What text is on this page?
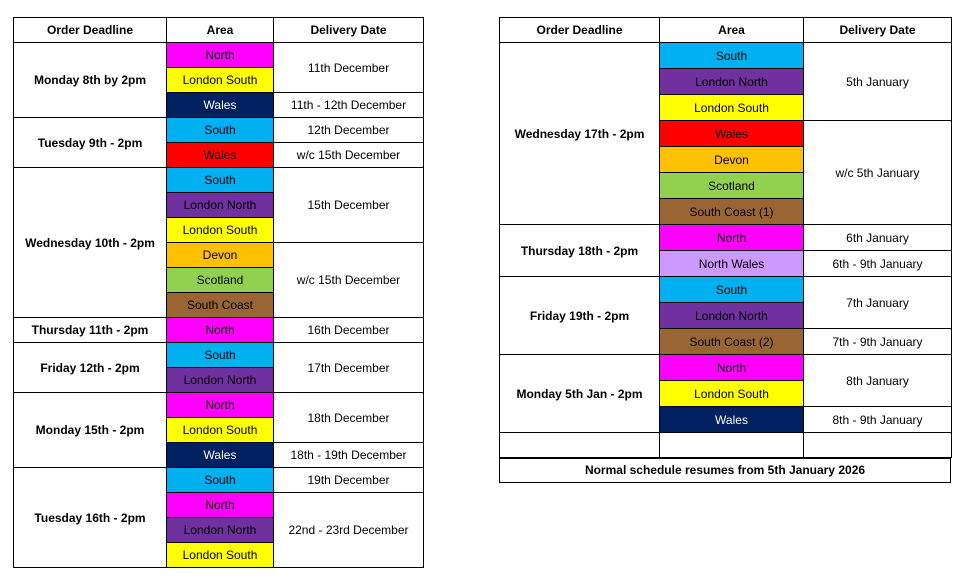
Order Deadline	Area	Delivery Date
Monday 8th by 2pm	North	11th December
	London South	
	Wales	11th - 12th December
Tuesday 9th - 2pm	South	12th December
	Wales	w/c 15th December
Wednesday 10th - 2pm	South	15th December
	London North	
	London South	
	Devon	w/c 15th December
	Scotland	
	South Coast	
Thursday 11th - 2pm	North	16th December
Friday 12th - 2pm	South	17th December
	London North	
Monday 15th - 2pm	North	18th December
	London South	
	Wales	18th - 19th December
Tuesday 16th - 2pm	South	19th December
	North	22nd - 23rd December
	London North	
	London South	
Order Deadline	Area	Delivery Date
Wednesday 17th - 2pm	South	5th January
	London North	
	London South	
	Wales	w/c 5th January
	Devon	
	Scotland	
	South Coast (1)	
Thursday 18th - 2pm	North	6th January
	North Wales	6th - 9th January
Friday 19th - 2pm	South	7th January
	London North	
	South Coast (2)	7th - 9th January
Monday 5th Jan - 2pm	North	8th January
	London South	
	Wales	8th - 9th January

Normal schedule resumes from 5th January 2026
